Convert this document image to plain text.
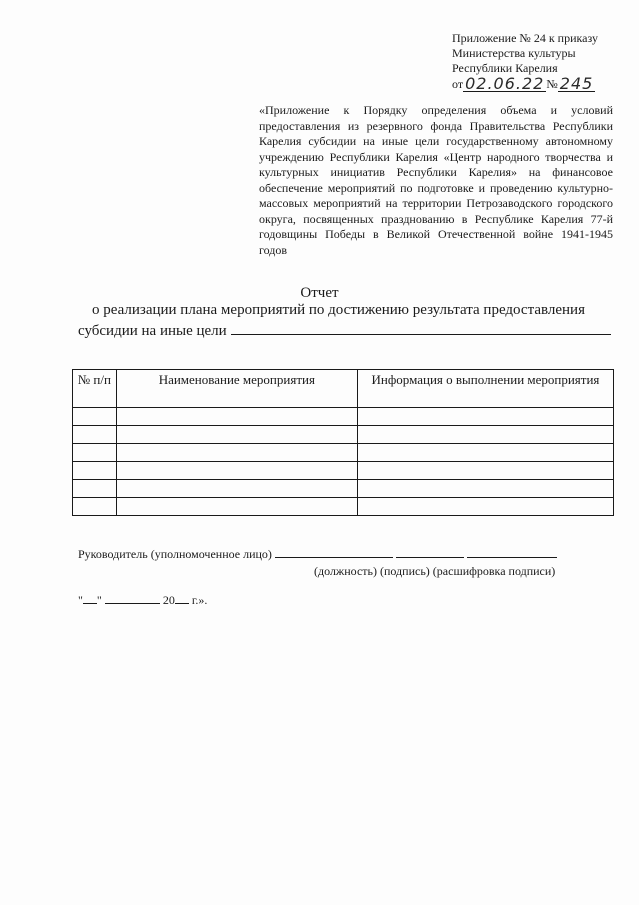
Приложение № 24 к приказу
Министерства культуры
Республики Карелия
от 02.06.22 № 245
«Приложение к Порядку определения объема и условий предоставления из резервного фонда Правительства Республики Карелия субсидии на иные цели государственному автономному учреждению Республики Карелия «Центр народного творчества и культурных инициатив Республики Карелия» на финансовое обеспечение мероприятий по подготовке и проведению культурно-массовых мероприятий на территории Петрозаводского городского округа, посвященных празднованию в Республике Карелия 77-й годовщины Победы в Великой Отечественной войне 1941-1945 годов
Отчет
о реализации плана мероприятий по достижению результата предоставления
субсидии на иные цели
№ п/п	Наименование мероприятия	Информация о выполнении мероприятия

Руководитель (уполномоченное лицо)
(должность) (подпись) (расшифровка подписи)
" "	20 г.».
